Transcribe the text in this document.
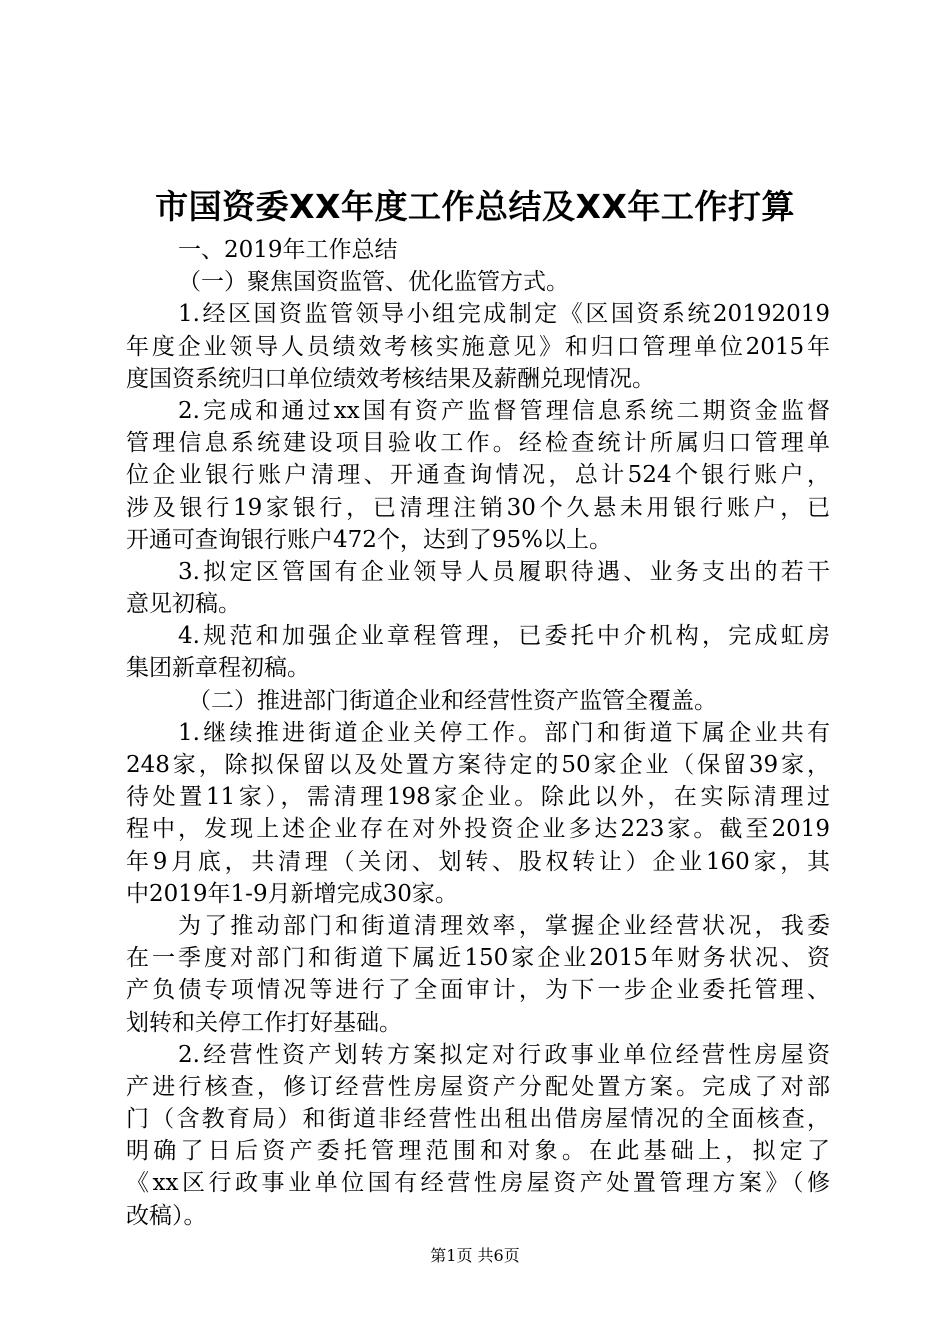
市国资委XX年度工作总结及XX年工作打算
一、2019年工作总结
（一）聚焦国资监管、优化监管方式。
1.经区国资监管领导小组完成制定《区国资系统20192019
年度企业领导人员绩效考核实施意见》和归口管理单位2015年
度国资系统归口单位绩效考核结果及薪酬兑现情况。
2.完成和通过xx国有资产监督管理信息系统二期资金监督
管理信息系统建设项目验收工作。经检查统计所属归口管理单
位企业银行账户清理、开通查询情况，总计524个银行账户，
涉及银行19家银行，已清理注销30个久悬未用银行账户，已
开通可查询银行账户472个，达到了95%以上。
3.拟定区管国有企业领导人员履职待遇、业务支出的若干
意见初稿。
4.规范和加强企业章程管理，已委托中介机构，完成虹房
集团新章程初稿。
（二）推进部门街道企业和经营性资产监管全覆盖。
1.继续推进街道企业关停工作。部门和街道下属企业共有
248家，除拟保留以及处置方案待定的50家企业（保留39家，
待处置11家），需清理198家企业。除此以外，在实际清理过
程中，发现上述企业存在对外投资企业多达223家。截至2019
年9月底，共清理（关闭、划转、股权转让）企业160家，其
中2019年1-9月新增完成30家。
为了推动部门和街道清理效率，掌握企业经营状况，我委
在一季度对部门和街道下属近150家企业2015年财务状况、资
产负债专项情况等进行了全面审计，为下一步企业委托管理、
划转和关停工作打好基础。
2.经营性资产划转方案拟定对行政事业单位经营性房屋资
产进行核查，修订经营性房屋资产分配处置方案。完成了对部
门（含教育局）和街道非经营性出租出借房屋情况的全面核查，
明确了日后资产委托管理范围和对象。在此基础上，拟定了
《xx区行政事业单位国有经营性房屋资产处置管理方案》（修
改稿）。
第1页 共6页
